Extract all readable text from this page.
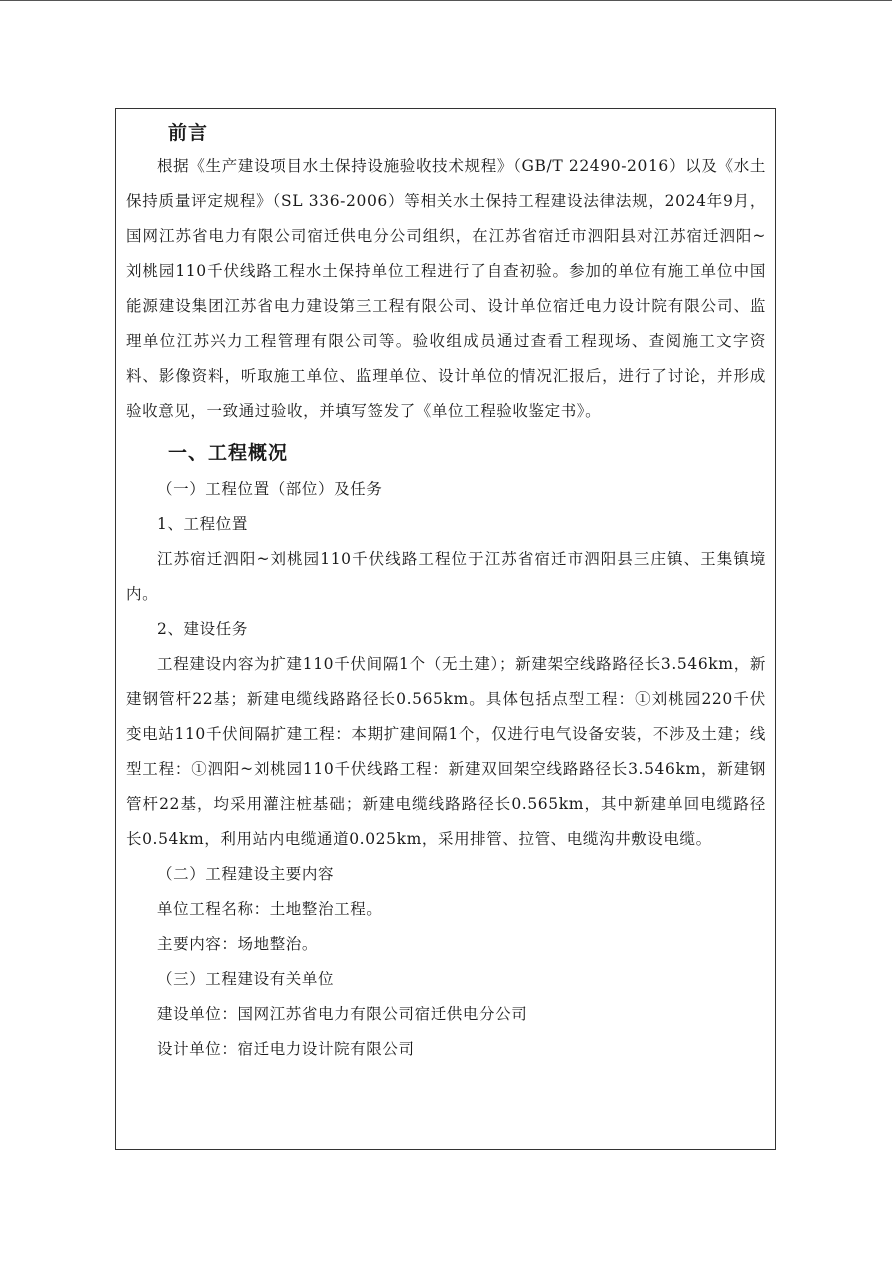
前言

根据《生产建设项目水土保持设施验收技术规程》（GB/T 22490-2016）以及《水土保持质量评定规程》（SL 336-2006）等相关水土保持工程建设法律法规，2024年9月，国网江苏省电力有限公司宿迁供电分公司组织，在江苏省宿迁市泗阳县对江苏宿迁泗阳~刘桃园110千伏线路工程水土保持单位工程进行了自查初验。参加的单位有施工单位中国能源建设集团江苏省电力建设第三工程有限公司、设计单位宿迁电力设计院有限公司、监理单位江苏兴力工程管理有限公司等。验收组成员通过查看工程现场、查阅施工文字资料、影像资料，听取施工单位、监理单位、设计单位的情况汇报后，进行了讨论，并形成验收意见，一致通过验收，并填写签发了《单位工程验收鉴定书》。

一、工程概况

（一）工程位置（部位）及任务

1、工程位置

江苏宿迁泗阳~刘桃园110千伏线路工程位于江苏省宿迁市泗阳县三庄镇、王集镇境内。

2、建设任务

工程建设内容为扩建110千伏间隔1个（无土建）；新建架空线路路径长3.546km，新建钢管杆22基；新建电缆线路路径长0.565km。具体包括点型工程：①刘桃园220千伏变电站110千伏间隔扩建工程：本期扩建间隔1个，仅进行电气设备安装，不涉及土建；线型工程：①泗阳~刘桃园110千伏线路工程：新建双回架空线路路径长3.546km，新建钢管杆22基，均采用灌注桩基础；新建电缆线路路径长0.565km，其中新建单回电缆路径长0.54km，利用站内电缆通道0.025km，采用排管、拉管、电缆沟井敷设电缆。

（二）工程建设主要内容

单位工程名称：土地整治工程。

主要内容：场地整治。

（三）工程建设有关单位

建设单位：国网江苏省电力有限公司宿迁供电分公司

设计单位：宿迁电力设计院有限公司
